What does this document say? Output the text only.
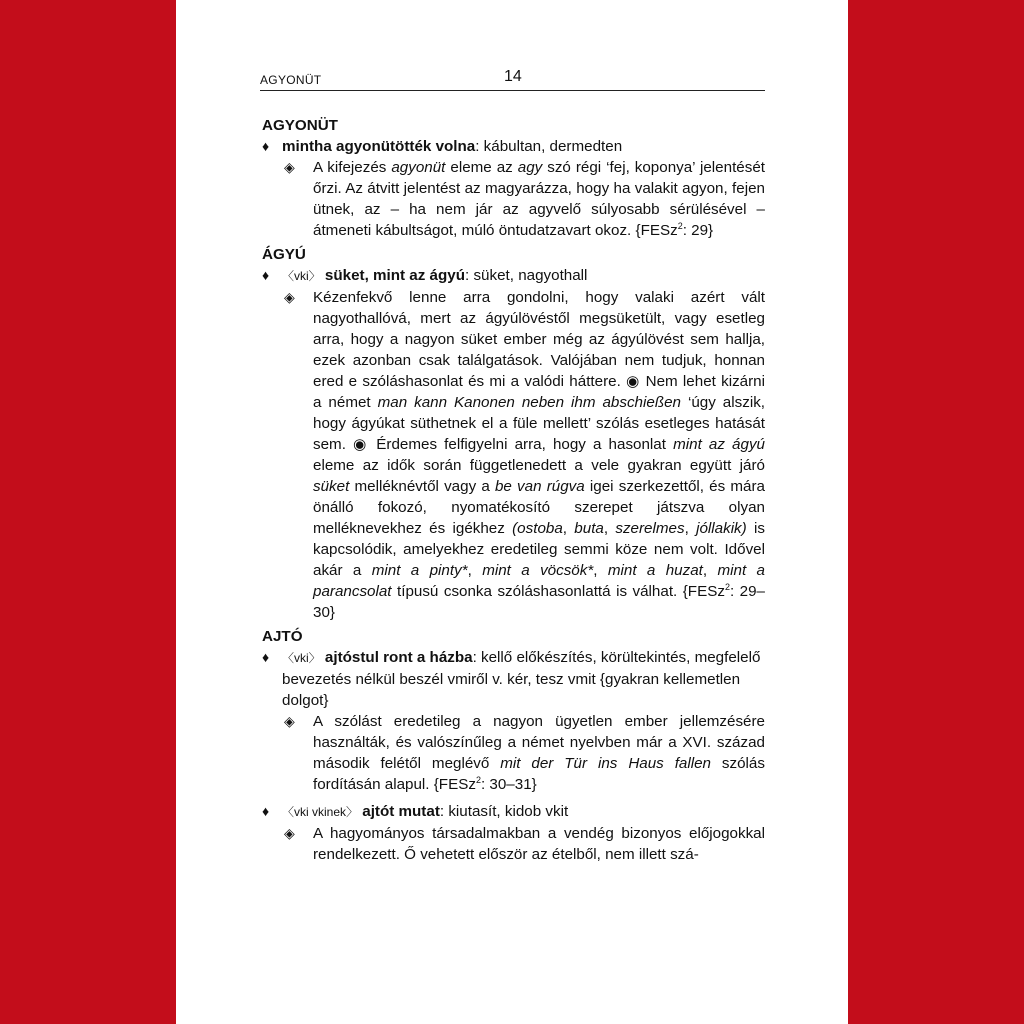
AGYONÜT	14
AGYONÜT
♦ mintha agyonütötték volna: kábultan, dermedten
◈ A kifejezés agyonüt eleme az agy szó régi ‘fej, koponya’ jelentését őrzi. Az átvitt jelentést az magyarázza, hogy ha valakit agyon, fejen ütnek, az – ha nem jár az agyvelő súlyosabb sérülésével – átmeneti kábultságot, múló öntudatzavart okoz. {FESz$^2$: 29}
ÁGYÚ
♦ 〈vki〉 süket, mint az ágyú: süket, nagyothall
◈ Kézenfekvő lenne arra gondolni, hogy valaki azért vált nagyothallóvá, mert az ágyúlövéstől megsüketült, vagy esetleg arra, hogy a nagyon süket ember még az ágyúlövést sem hallja, ezek azonban csak találgatások. Valójában nem tudjuk, honnan ered e szóláshasonlat és mi a valódi háttere. ◉ Nem lehet kizárni a német man kann Kanonen neben ihm abschießen ‘úgy alszik, hogy ágyúkat süthetnek el a füle mellett’ szólás esetleges hatását sem. ◉ Érdemes felfigyelni arra, hogy a hasonlat mint az ágyú eleme az idők során függetlenedett a vele gyakran együtt járó süket melléknévtől vagy a be van rúgva igei szerkezettől, és mára önálló fokozó, nyomatékosító szerepet játszva olyan melléknevekhez és igékhez (ostoba, buta, szerelmes, jóllakik) is kapcsolódik, amelyekhez eredetileg semmi köze nem volt. Idővel akár a mint a pinty*, mint a vöcsök*, mint a huzat, mint a parancsolat típusú csonka szóláshasonlattá is válhat. {FESz$^2$: 29–30}
AJTÓ
♦ 〈vki〉 ajtóstul ront a házba: kellő előkészítés, körültekintés, megfelelő bevezetés nélkül beszél vmiről v. kér, tesz vmit {gyakran kellemetlen dolgot}
◈ A szólást eredetileg a nagyon ügyetlen ember jellemzésére használták, és valószínűleg a német nyelvben már a XVI. század második felétől meglévő mit der Tür ins Haus fallen szólás fordításán alapul. {FESz$^2$: 30–31}
♦ 〈vki vkinek〉 ajtót mutat: kiutasít, kidob vkit
◈ A hagyományos társadalmakban a vendég bizonyos előjogokkal rendelkezett. Ő vehetett először az ételből, nem illett szá-
